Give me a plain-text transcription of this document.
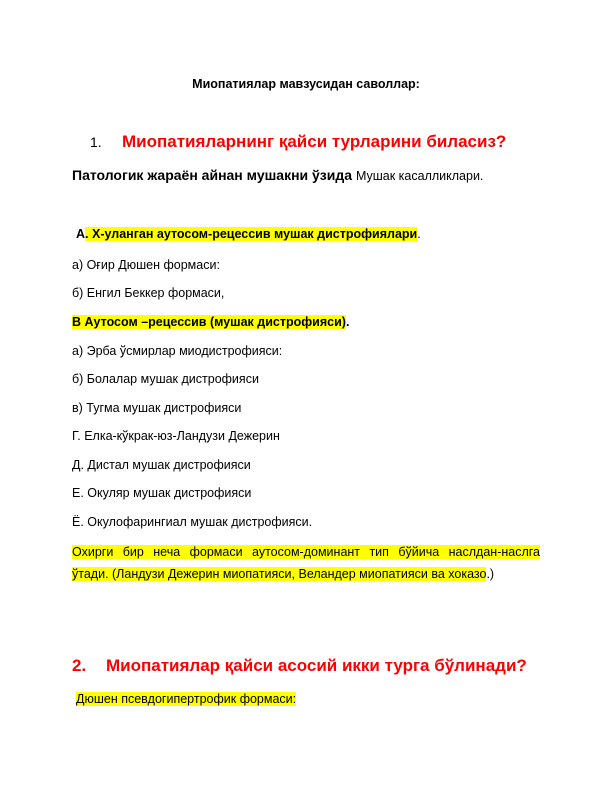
Миопатиялар мавзусидан саволлар:
1. Миопатияларнинг қайси турларини биласиз?
Патологик жараён айнан мушакни ўзида Мушак касалликлари.
А. Х-уланган аутосом-рецессив мушак дистрофиялари.
а) Оғир Дюшен формаси:
б) Енгил Беккер формаси,
В Аутосом –рецессив (мушак дистрофияси).
а) Эрба ўсмирлар миодистрофияси:
б) Болалар мушак дистрофияси
в) Тугма мушак дистрофияси
Г. Елка-кўкрак-юз-Ландузи Дежерин
Д. Дистал мушак дистрофияси
Е. Окуляр мушак дистрофияси
Ё. Окулофарингиал мушак дистрофияси.
Охирги бир неча формаси аутосом-доминант тип бўйича наслдан-наслга
ўтади. (Ландузи Дежерин миопатияси, Веландер миопатияси ва хоказо.)
2. Миопатиялар қайси асосий икки турга бўлинади?
Дюшен псевдогипертрофик формаси:
